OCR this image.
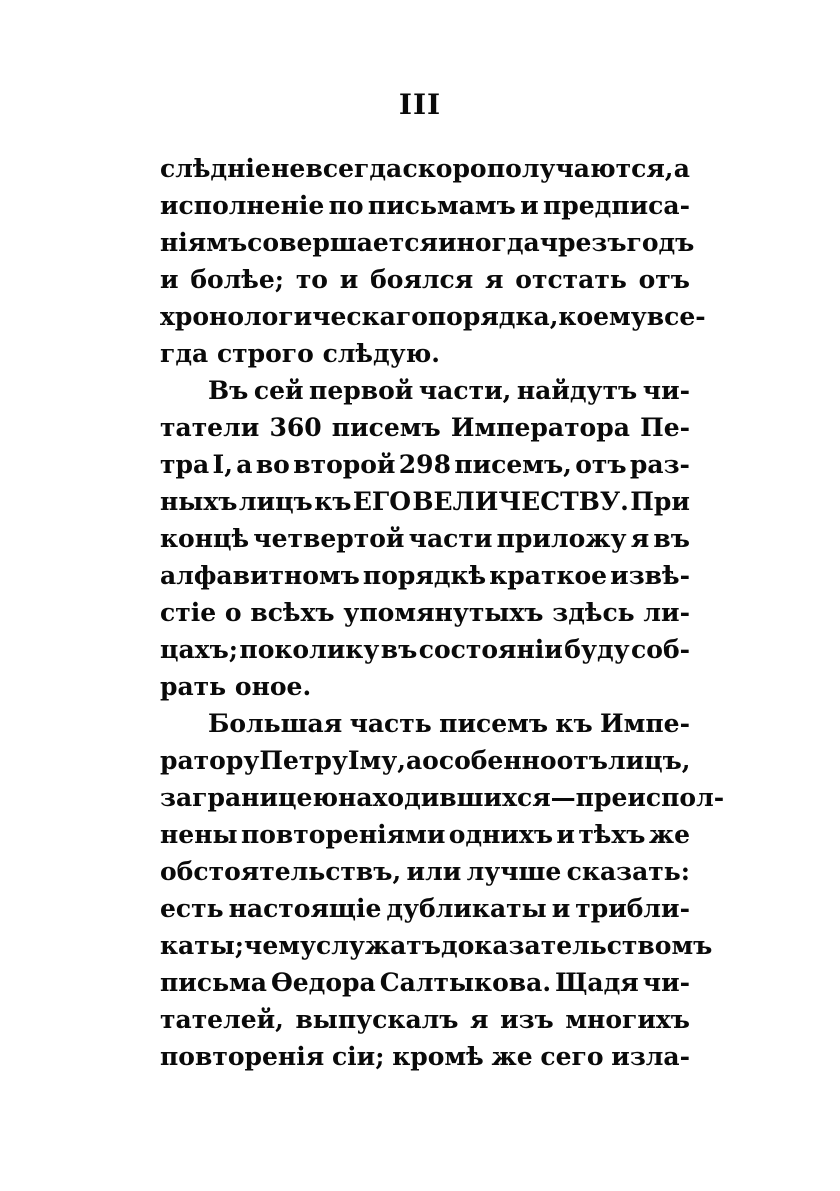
III
слѣдніе не всегда скоро получаются, а
исполненіе по письмамъ и предписа-
ніямъ совершается иногда чрезъ годъ
и болѣе; то и боялся я отстать отъ
хронологическаго порядка, коему все-
гда строго слѣдую.
Въ сей первой части, найдутъ чи-
татели 360 писемъ Императора Пе-
тра I, а во второй 298 писемъ, отъ раз-
ныхъ лицъ къ ЕГО ВЕЛИЧЕСТВУ. При
концѣ четвертой части приложу я въ
алфавитномъ порядкѣ краткое извѣ-
стіе о всѣхъ упомянутыхъ здѣсь ли-
цахъ; поколику въ состояніи буду соб-
рать оное.
Большая часть писемъ къ Импе-
ратору Петру Iму, а особенно отъ лицъ,
за границею находившихся—преиспол-
нены повтореніями однихъ и тѣхъ же
обстоятельствъ, или лучше сказать:
есть настоящіе дубликаты и трибли-
каты; чему служатъ доказательствомъ
письма Ѳедора Салтыкова. Щадя чи-
тателей, выпускалъ я изъ многихъ
повторенія сіи; кромѣ же сего изла-
